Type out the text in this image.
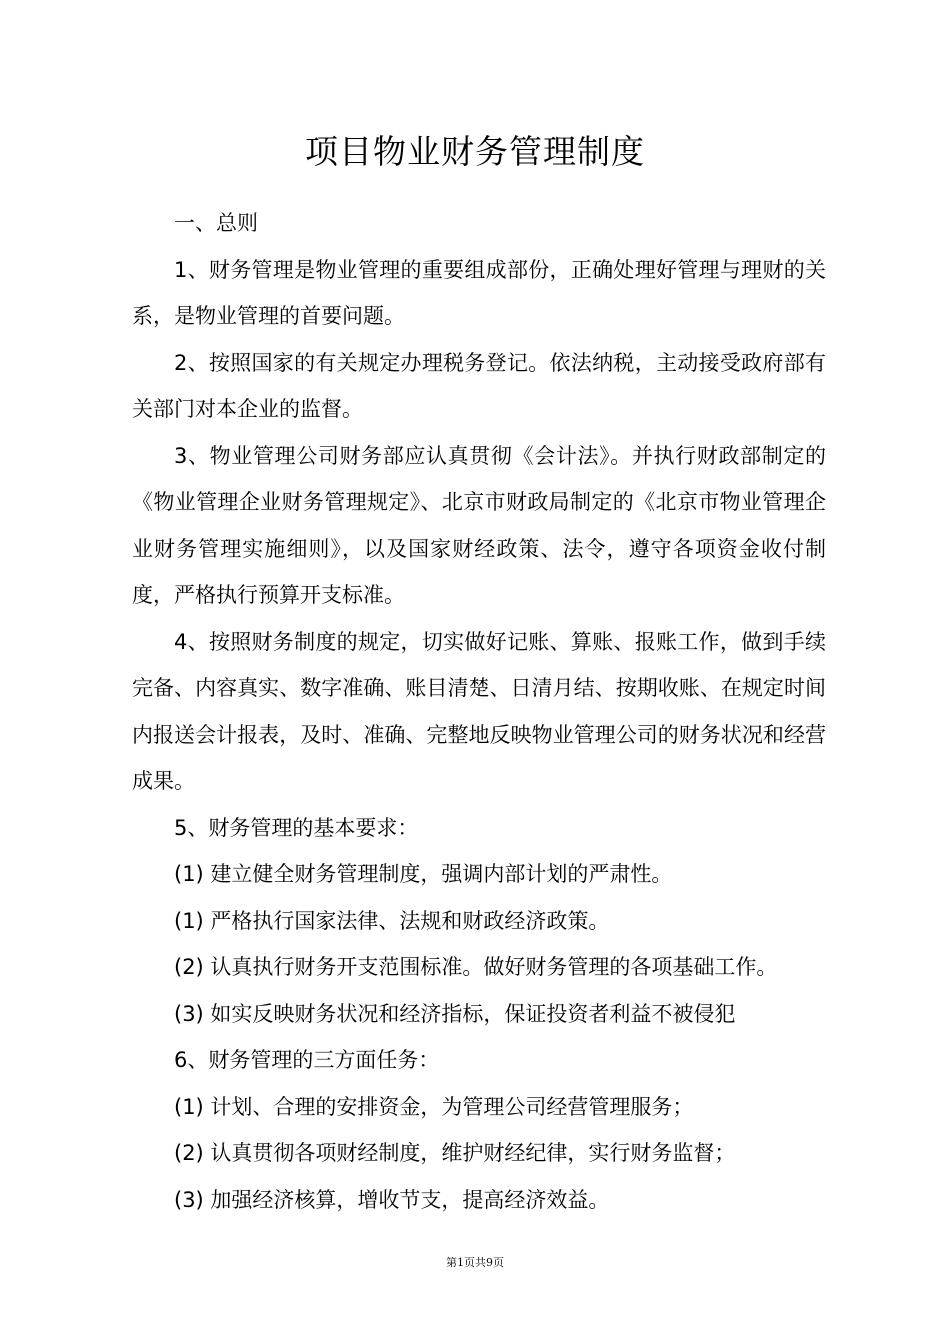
项目物业财务管理制度

一、总则

1、财务管理是物业管理的重要组成部份，正确处理好管理与理财的关系，是物业管理的首要问题。

2、按照国家的有关规定办理税务登记。依法纳税，主动接受政府部有关部门对本企业的监督。

3、物业管理公司财务部应认真贯彻《会计法》。并执行财政部制定的《物业管理企业财务管理规定》、北京市财政局制定的《北京市物业管理企业财务管理实施细则》，以及国家财经政策、法令，遵守各项资金收付制度，严格执行预算开支标准。

4、按照财务制度的规定，切实做好记账、算账、报账工作，做到手续完备、内容真实、数字准确、账目清楚、日清月结、按期收账、在规定时间内报送会计报表，及时、准确、完整地反映物业管理公司的财务状况和经营成果。

5、财务管理的基本要求：

(1) 建立健全财务管理制度，强调内部计划的严肃性。

(1) 严格执行国家法律、法规和财政经济政策。

(2) 认真执行财务开支范围标准。做好财务管理的各项基础工作。

(3) 如实反映财务状况和经济指标，保证投资者利益不被侵犯

6、财务管理的三方面任务：

(1) 计划、合理的安排资金，为管理公司经营管理服务；

(2) 认真贯彻各项财经制度，维护财经纪律，实行财务监督；

(3) 加强经济核算，增收节支，提高经济效益。

第1页共9页
